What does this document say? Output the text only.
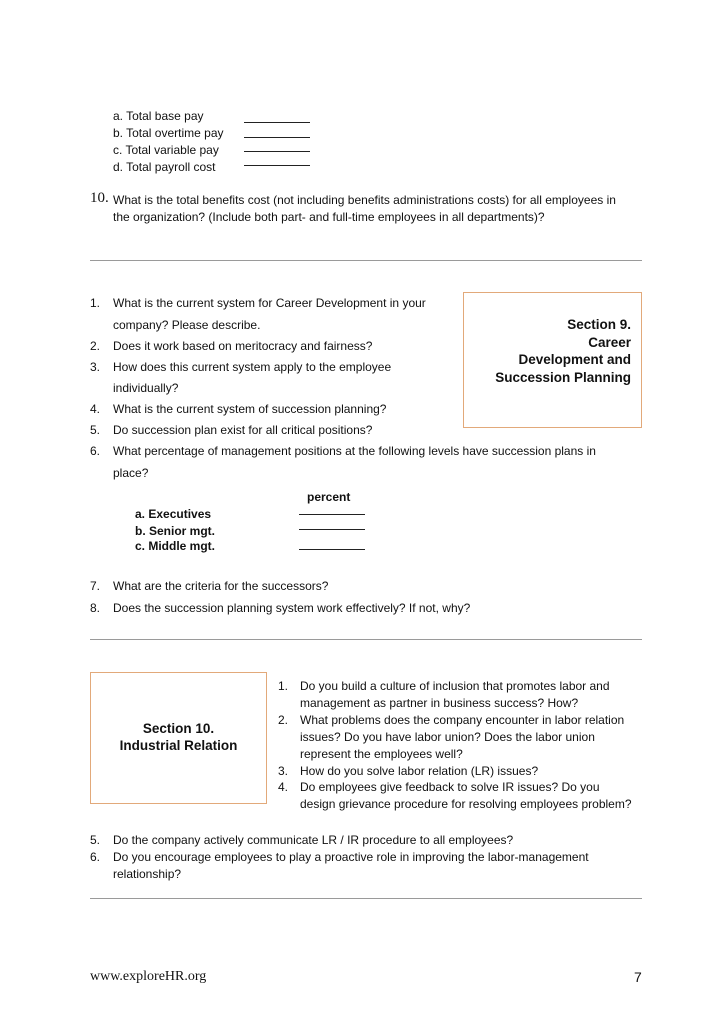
a. Total base pay
b. Total overtime pay
c. Total variable pay
d. Total payroll cost
10. What is the total benefits cost (not including benefits administrations costs) for all employees in
the organization? (Include both part- and full-time employees in all departments)?
Section 9.
Career
Development and
Succession Planning
1.	What is the current system for Career Development in your
company? Please describe.
2.	Does it work based on meritocracy and fairness?
3.	How does this current system apply to the employee
individually?
4.	What is the current system of succession planning?
5.	Do succession plan exist for all critical positions?
6.	What percentage of management positions at the following levels have succession plans in
place?
percent
a. Executives
b. Senior mgt.
c. Middle mgt.
7.	What are the criteria for the successors?
8.	Does the succession planning system work effectively? If not, why?
Section 10.
Industrial Relation
1. Do you build a culture of inclusion that promotes labor and
management as partner in business success? How?
2. What problems does the company encounter in labor relation
issues? Do you have labor union? Does the labor union
represent the employees well?
3. How do you solve labor relation (LR) issues?
4. Do employees give feedback to solve IR issues? Do you
design grievance procedure for resolving employees problem?
5.	Do the company actively communicate LR / IR procedure to all employees?
6.	Do you encourage employees to play a proactive role in improving the labor-management
relationship?
www.exploreHR.org	7
